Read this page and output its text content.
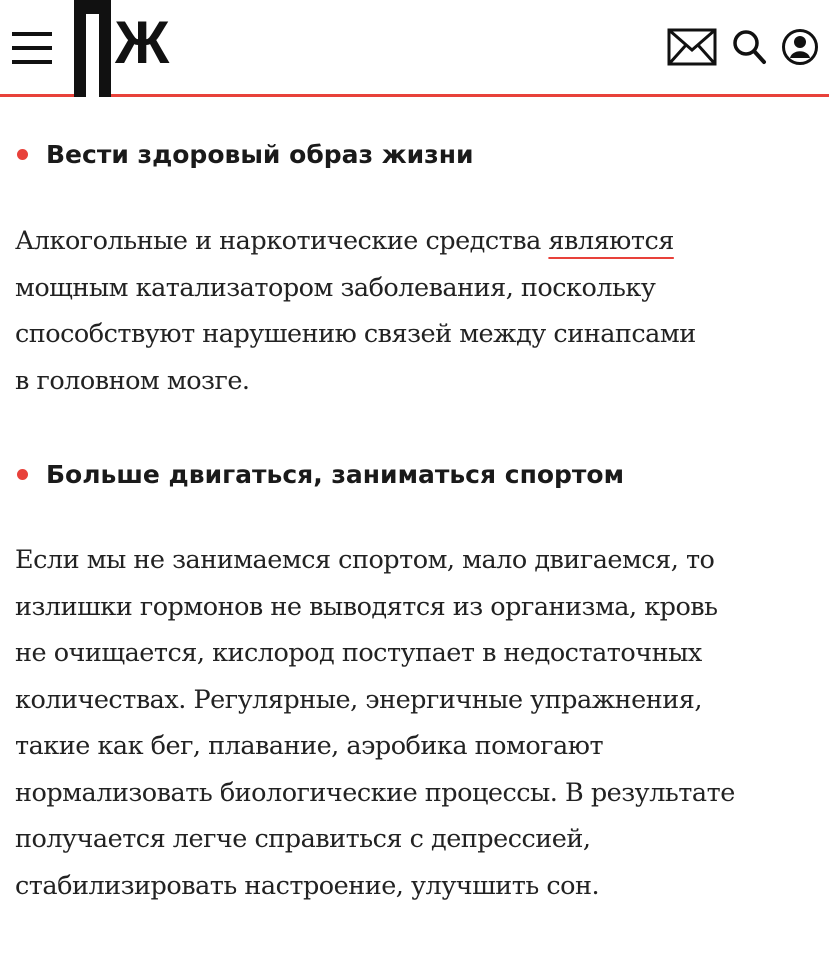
Ж
Вести здоровый образ жизни
Алкогольные и наркотические средства являются
мощным катализатором заболевания, поскольку
способствуют нарушению связей между синапсами
в головном мозге.
Больше двигаться, заниматься спортом
Если мы не занимаемся спортом, мало двигаемся, то
излишки гормонов не выводятся из организма, кровь
не очищается, кислород поступает в недостаточных
количествах. Регулярные, энергичные упражнения,
такие как бег, плавание, аэробика помогают
нормализовать биологические процессы. В результате
получается легче справиться с депрессией,
стабилизировать настроение, улучшить сон.
